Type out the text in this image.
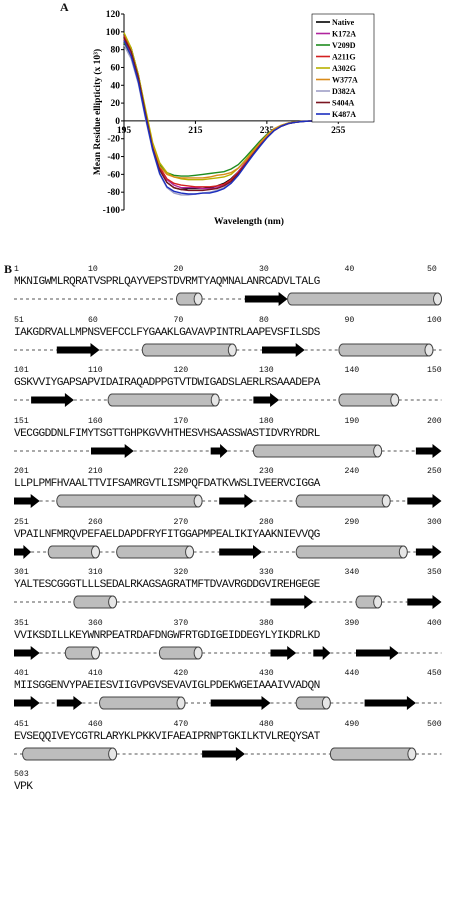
A
120
100
80
60
40
20
0
-20
-40
-60
-80
-100
195	215	235	255
Wavelength (nm)
Mean Residue ellipticity (x 10³)
Native
K172A
V209D
A211G
A302G
W377A
D382A
S404A
K487A
B 1	10	20	30	40	50
MKNIGWMLRQRATVSPRLQAYVEPSTDVRMTYAQMNALANRCADVLTALG
51	60	70	80	90	100
IAKGDRVALLMPNSVEFCCLFYGAAKLGAVAVPINTRLAAPEVSFILSDS
101	110	120	130	140	150
GSKVVIYGAPSAPVIDAIRAQADPPGTVTDWIGADSLAERLRSAAADEPA
151	160	170	180	190	200
VECGGDDNLFIMYTSGTTGHPKGVVHTHESVHSAASSWASTIDVRYRDRL
201	210	220	230	240	250
LLPLPMFHVAALTTVIFSAMRGVTLISMPQFDATKVWSLIVEERVCIGGA
251	260	270	280	290	300
VPAILNFMRQVPEFAELDAPDFRYFITGGAPMPEALIKIYAAKNIEVVQG
301	310	320	330	340	350
YALTESCGGGTLLLSEDALRKAGSAGRATMFTDVAVRGDDGVIREHGEGE
351	360	370	380	390	400
VVIKSDILLKEYWNRPEATRDAFDNGWFRTGDIGEIDDEGYLYIKDRLKD
401	410	420	430	440	450
MIISGGENVYPAEIESVIIGVPGVSEVAVIGLPDEKWGEIAAAIVVADQN
451	460	470	480	490	500
EVSEQQIVEYCGTRLARYKLPKKVIFAEAIPRNPTGKILKTVLREQYSAT
503
VPK
